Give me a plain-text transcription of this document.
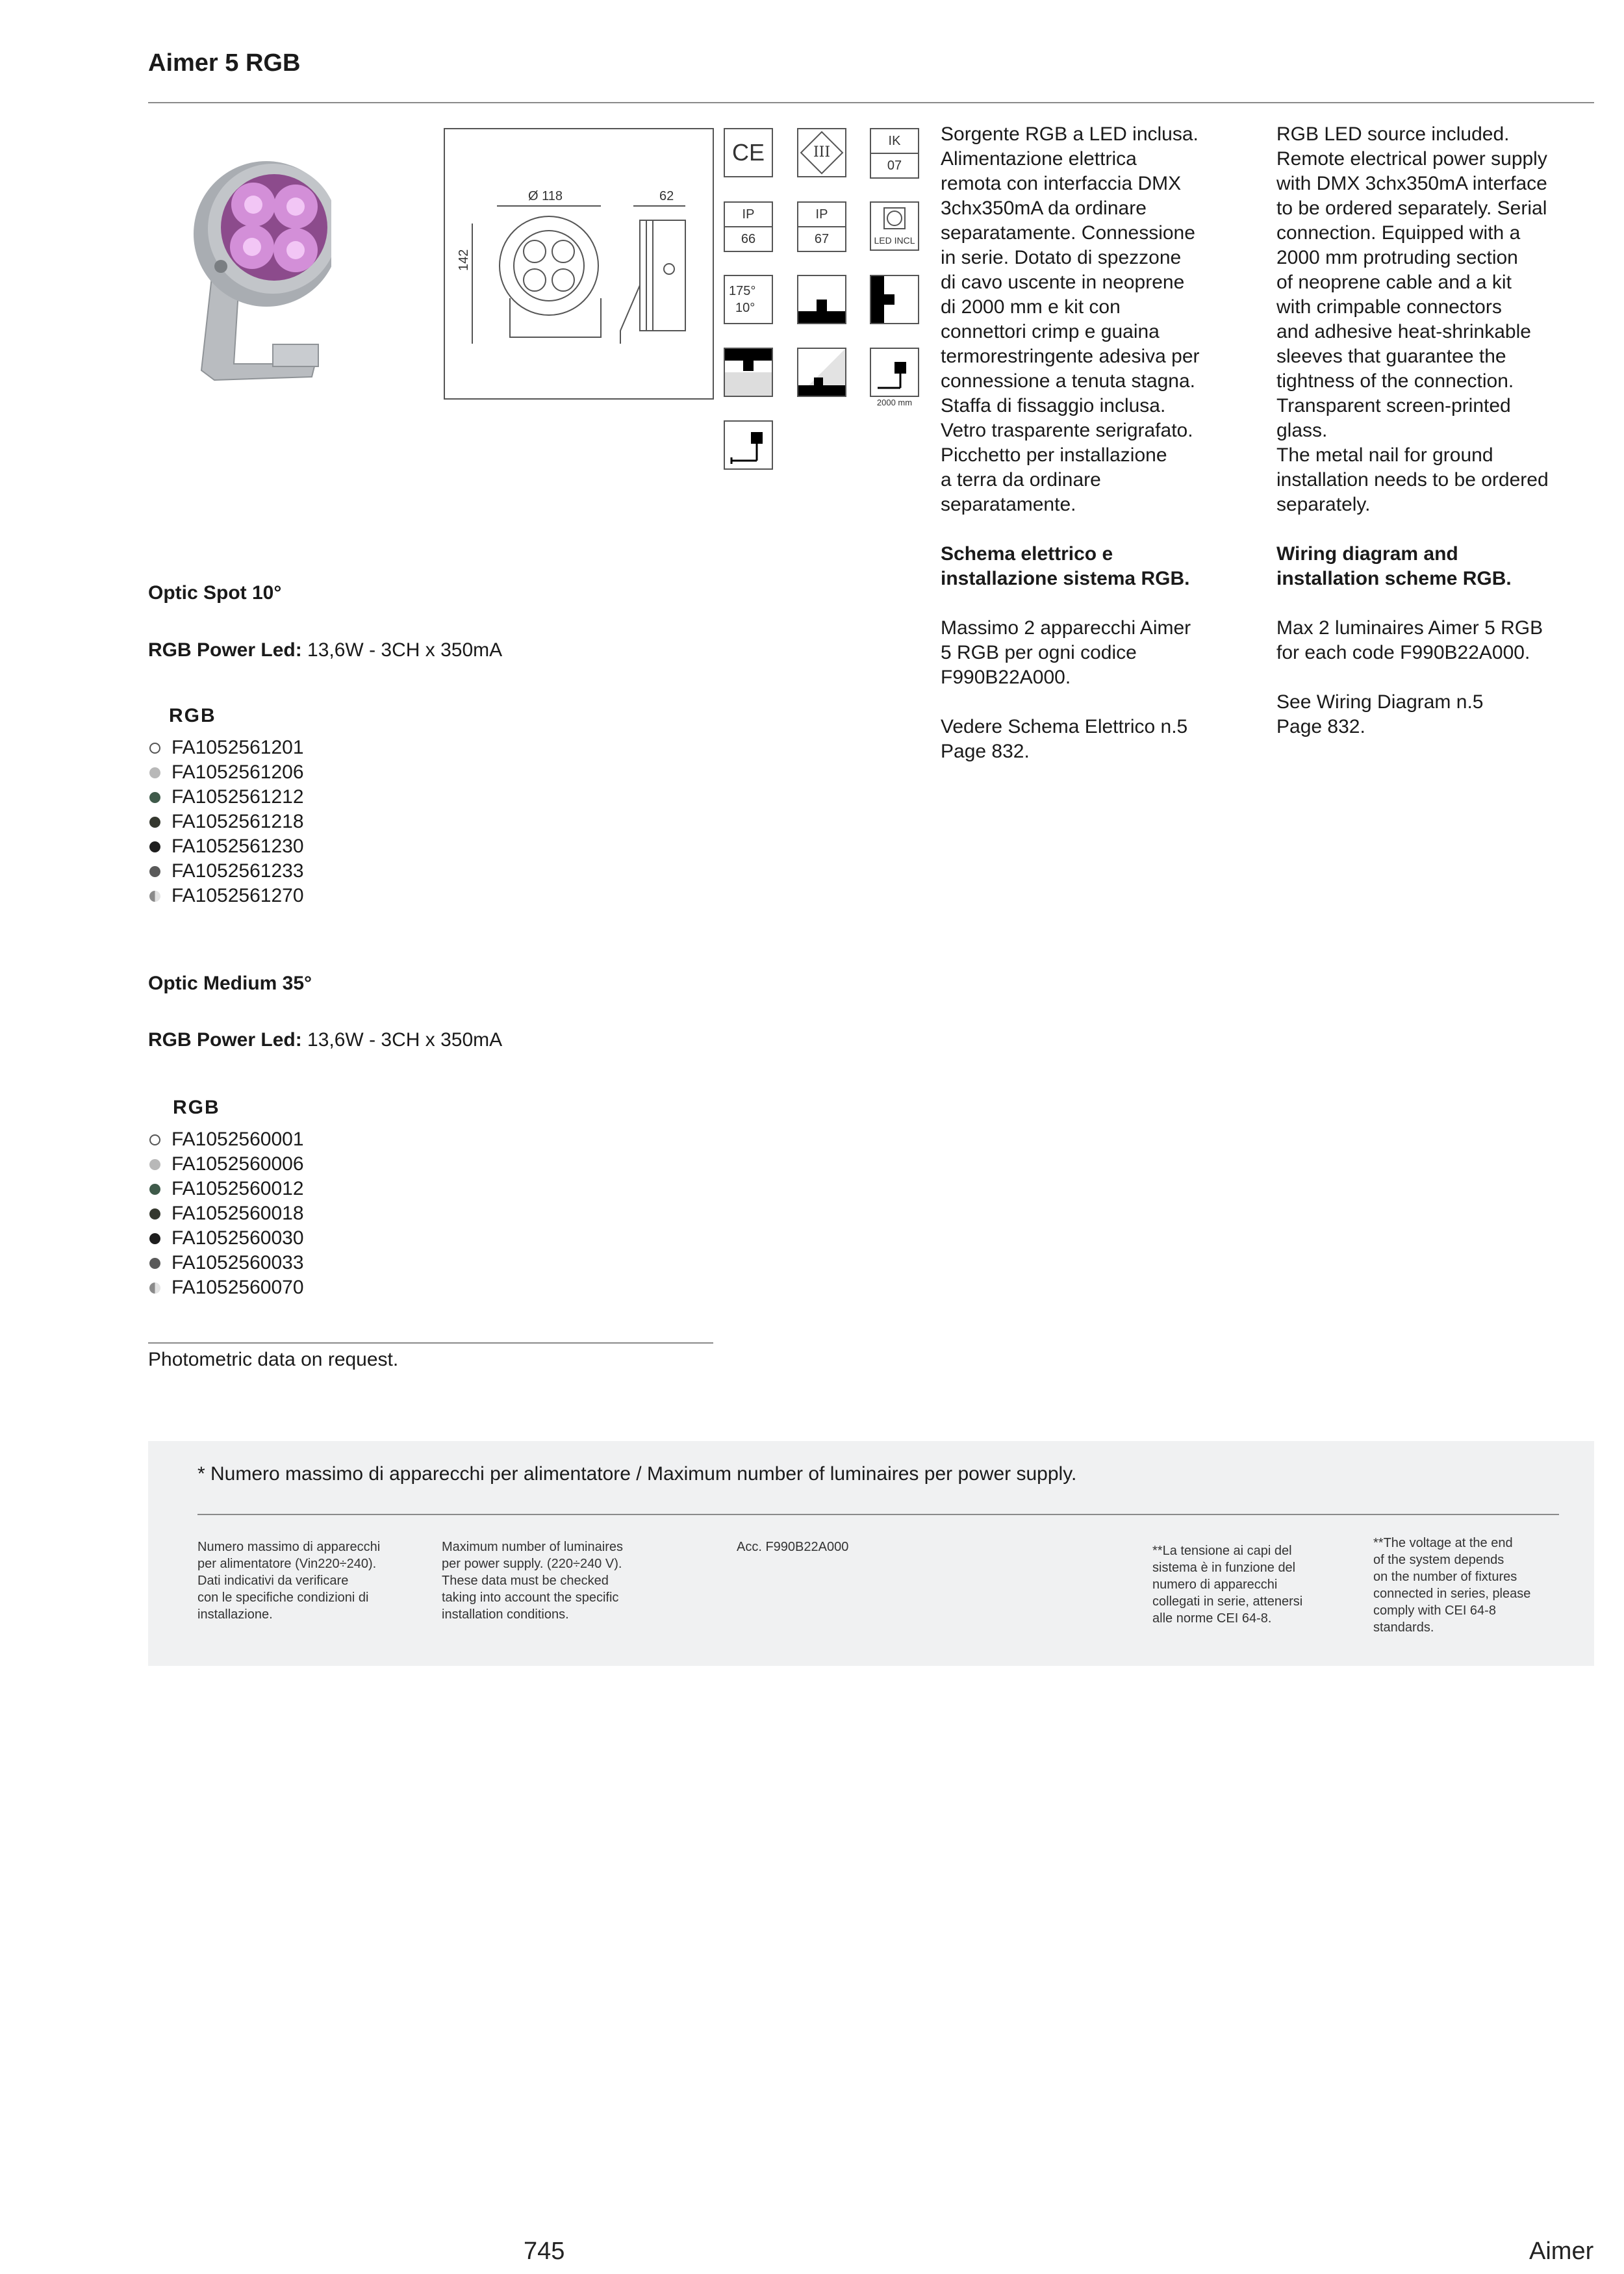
Aimer 5 RGB
Ø 118	62
142
CE	III
IK
07
IP
66
IP
67	LED INCL
175°
10°
2000 mm

Sorgente RGB a LED inclusa.

Alimentazione elettrica

remota con interfaccia DMX

3chx350mA da ordinare

separatamente. Connessione

in serie. Dotato di spezzone

di cavo uscente in neoprene

di 2000 mm e kit con

connettori crimp e guaina

termorestringente adesiva per

connessione a tenuta stagna.

Staffa di fissaggio inclusa.

Vetro trasparente serigrafato.

Picchetto per installazione

a terra da ordinare

separatamente.

Schema elettrico e

installazione sistema RGB.

Massimo 2 apparecchi Aimer

5 RGB per ogni codice

F990B22A000.

Vedere Schema Elettrico n.5

Page 832.

RGB LED source included.

Remote electrical power supply

with DMX 3chx350mA interface

to be ordered separately. Serial

connection. Equipped with a

2000 mm protruding section

of neoprene cable and a kit

with crimpable connectors

and adhesive heat-shrinkable

sleeves that guarantee the

tightness of the connection.

Transparent screen-printed

glass.

The metal nail for ground

installation needs to be ordered

separately.

Wiring diagram and

installation scheme RGB.

Max 2 luminaires Aimer 5 RGB

for each code F990B22A000.

See Wiring Diagram n.5

Page 832.

Optic Spot 10°
RGB Power Led: 13,6W - 3CH x 350mA
RGB
FA1052561201
FA1052561206
FA1052561212
FA1052561218
FA1052561230
FA1052561233
FA1052561270
Optic Medium 35°
RGB Power Led: 13,6W - 3CH x 350mA
RGB
FA1052560001
FA1052560006
FA1052560012
FA1052560018
FA1052560030
FA1052560033
FA1052560070
Photometric data on request.
* Numero massimo di apparecchi per alimentatore / Maximum number of luminaires per power supply.
Numero massimo di apparecchi
per alimentatore (Vin220÷240).
Dati indicativi da verificare
con le specifiche condizioni di
installazione.
Maximum number of luminaires
per power supply. (220÷240 V).
These data must be checked
taking into account the specific
installation conditions.
Acc. F990B22A000	**La tensione ai capi del
sistema è in funzione del
numero di apparecchi
collegati in serie, attenersi
alle norme CEI 64-8.
**The voltage at the end
of the system depends
on the number of fixtures
connected in series, please
comply with CEI 64-8
standards.
745	Aimer
